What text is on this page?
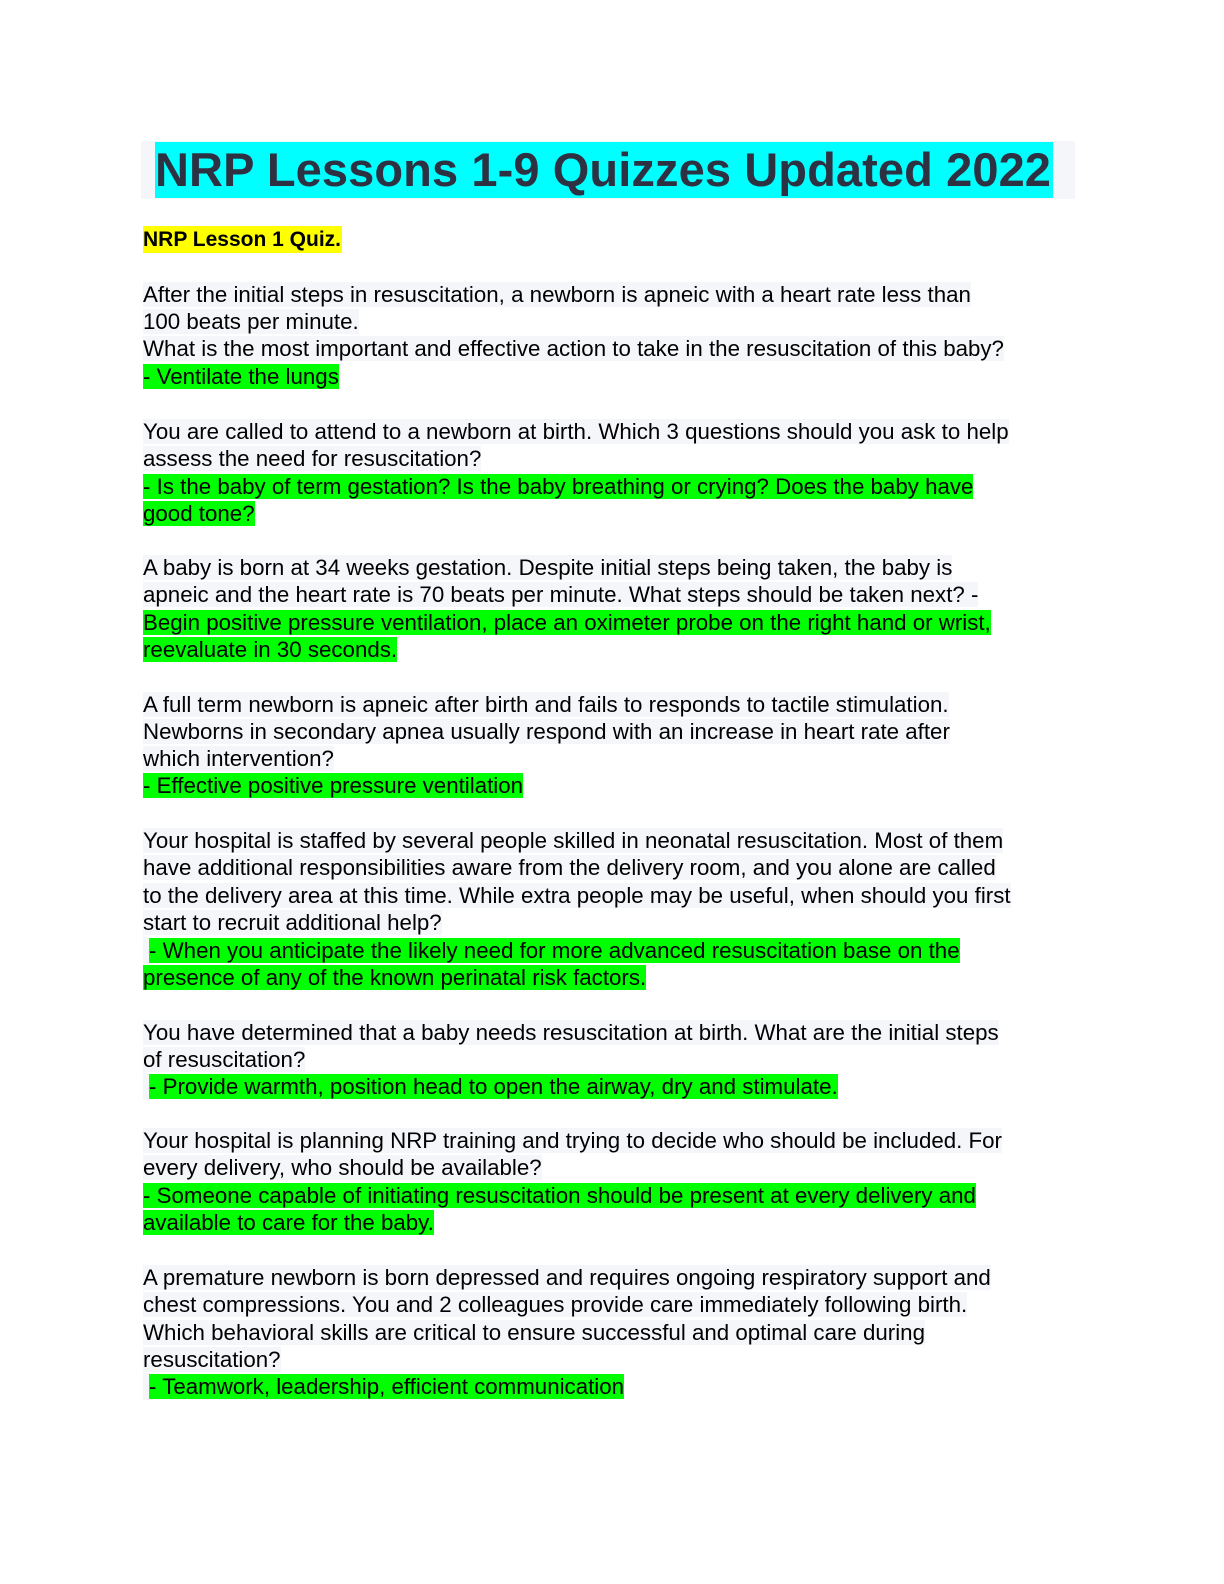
NRP Lessons 1-9 Quizzes Updated 2022
NRP Lesson 1 Quiz.
After the initial steps in resuscitation, a newborn is apneic with a heart rate less than
100 beats per minute.
What is the most important and effective action to take in the resuscitation of this baby?
- Ventilate the lungs
You are called to attend to a newborn at birth. Which 3 questions should you ask to help
assess the need for resuscitation?
- Is the baby of term gestation? Is the baby breathing or crying? Does the baby have
good tone?
A baby is born at 34 weeks gestation. Despite initial steps being taken, the baby is
apneic and the heart rate is 70 beats per minute. What steps should be taken next? -
Begin positive pressure ventilation, place an oximeter probe on the right hand or wrist,
reevaluate in 30 seconds.
A full term newborn is apneic after birth and fails to responds to tactile stimulation.
Newborns in secondary apnea usually respond with an increase in heart rate after
which intervention?
- Effective positive pressure ventilation
Your hospital is staffed by several people skilled in neonatal resuscitation. Most of them
have additional responsibilities aware from the delivery room, and you alone are called
to the delivery area at this time. While extra people may be useful, when should you first
start to recruit additional help?
- When you anticipate the likely need for more advanced resuscitation base on the
presence of any of the known perinatal risk factors.
You have determined that a baby needs resuscitation at birth. What are the initial steps
of resuscitation?
- Provide warmth, position head to open the airway, dry and stimulate.
Your hospital is planning NRP training and trying to decide who should be included. For
every delivery, who should be available?
- Someone capable of initiating resuscitation should be present at every delivery and
available to care for the baby.
A premature newborn is born depressed and requires ongoing respiratory support and
chest compressions. You and 2 colleagues provide care immediately following birth.
Which behavioral skills are critical to ensure successful and optimal care during
resuscitation?
- Teamwork, leadership, efficient communication
